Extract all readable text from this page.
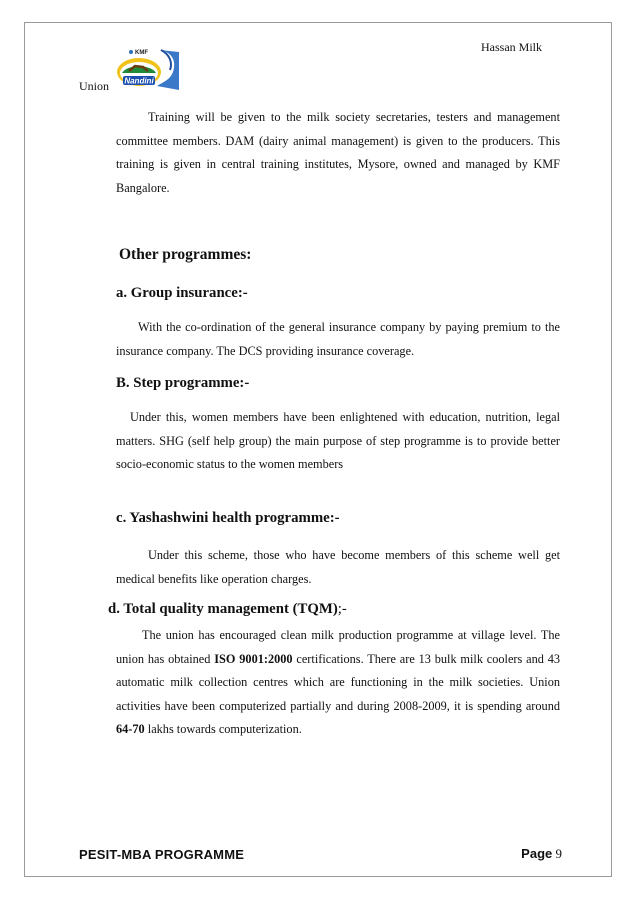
Hassan Milk
Union Nandini
KMF

Training will be given to the milk society secretaries, testers and management committee members. DAM (dairy animal management) is given to the producers. This training is given in central training institutes, Mysore, owned and managed by KMF Bangalore.

Other programmes:
a. Group insurance:-

With the co-ordination of the general insurance company by paying premium to the insurance company. The DCS providing insurance coverage.

B. Step programme:-

Under this, women members have been enlightened with education, nutrition, legal matters. SHG (self help group) the main purpose of step programme is to provide better socio-economic status to the women members

c. Yashashwini health programme:-

Under this scheme, those who have become members of this scheme well get medical benefits like operation charges.

d. Total quality management (TQM);-

The union has encouraged clean milk production programme at village level. The union has obtained ISO 9001:2000 certifications. There are 13 bulk milk coolers and 43 automatic milk collection centres which are functioning in the milk societies. Union activities have been computerized partially and during 2008-2009, it is spending around 64-70 lakhs towards computerization.

PESIT-MBA PROGRAMME	Page 9
